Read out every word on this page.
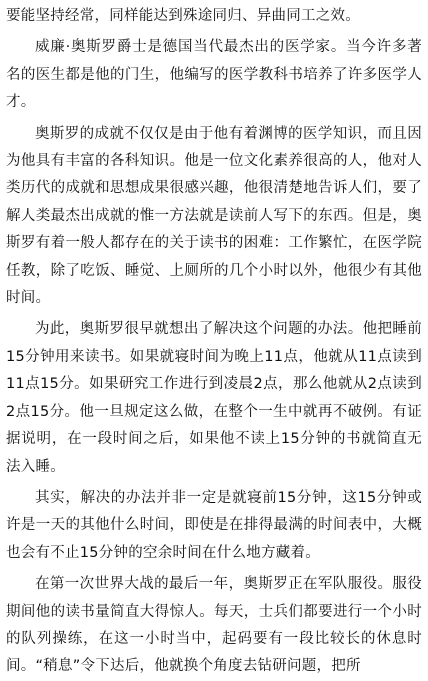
要能坚持经常，同样能达到殊途同归、异曲同工之效。

威廉·奥斯罗爵士是德国当代最杰出的医学家。当今许多著名的医生都是他的门生，他编写的医学教科书培养了许多医学人才。

奥斯罗的成就不仅仅是由于他有着渊博的医学知识，而且因为他具有丰富的各科知识。他是一位文化素养很高的人，他对人类历代的成就和思想成果很感兴趣，他很清楚地告诉人们，要了解人类最杰出成就的惟一方法就是读前人写下的东西。但是，奥斯罗有着一般人都存在的关于读书的困难：工作繁忙，在医学院任教，除了吃饭、睡觉、上厕所的几个小时以外，他很少有其他时间。

为此，奥斯罗很早就想出了解决这个问题的办法。他把睡前15分钟用来读书。如果就寝时间为晚上11点，他就从11点读到11点15分。如果研究工作进行到凌晨2点，那么他就从2点读到2点15分。他一旦规定这么做，在整个一生中就再不破例。有证据说明，在一段时间之后，如果他不读上15分钟的书就简直无法入睡。

其实，解决的办法并非一定是就寝前15分钟，这15分钟或许是一天的其他什么时间，即使是在排得最满的时间表中，大概也会有不止15分钟的空余时间在什么地方藏着。

在第一次世界大战的最后一年，奥斯罗正在军队服役。服役期间他的读书量简直大得惊人。每天，士兵们都要进行一个小时的队列操练，在这一小时当中，起码要有一段比较长的休息时间。“稍息”令下达后，他就换个角度去钻研问题，把所
